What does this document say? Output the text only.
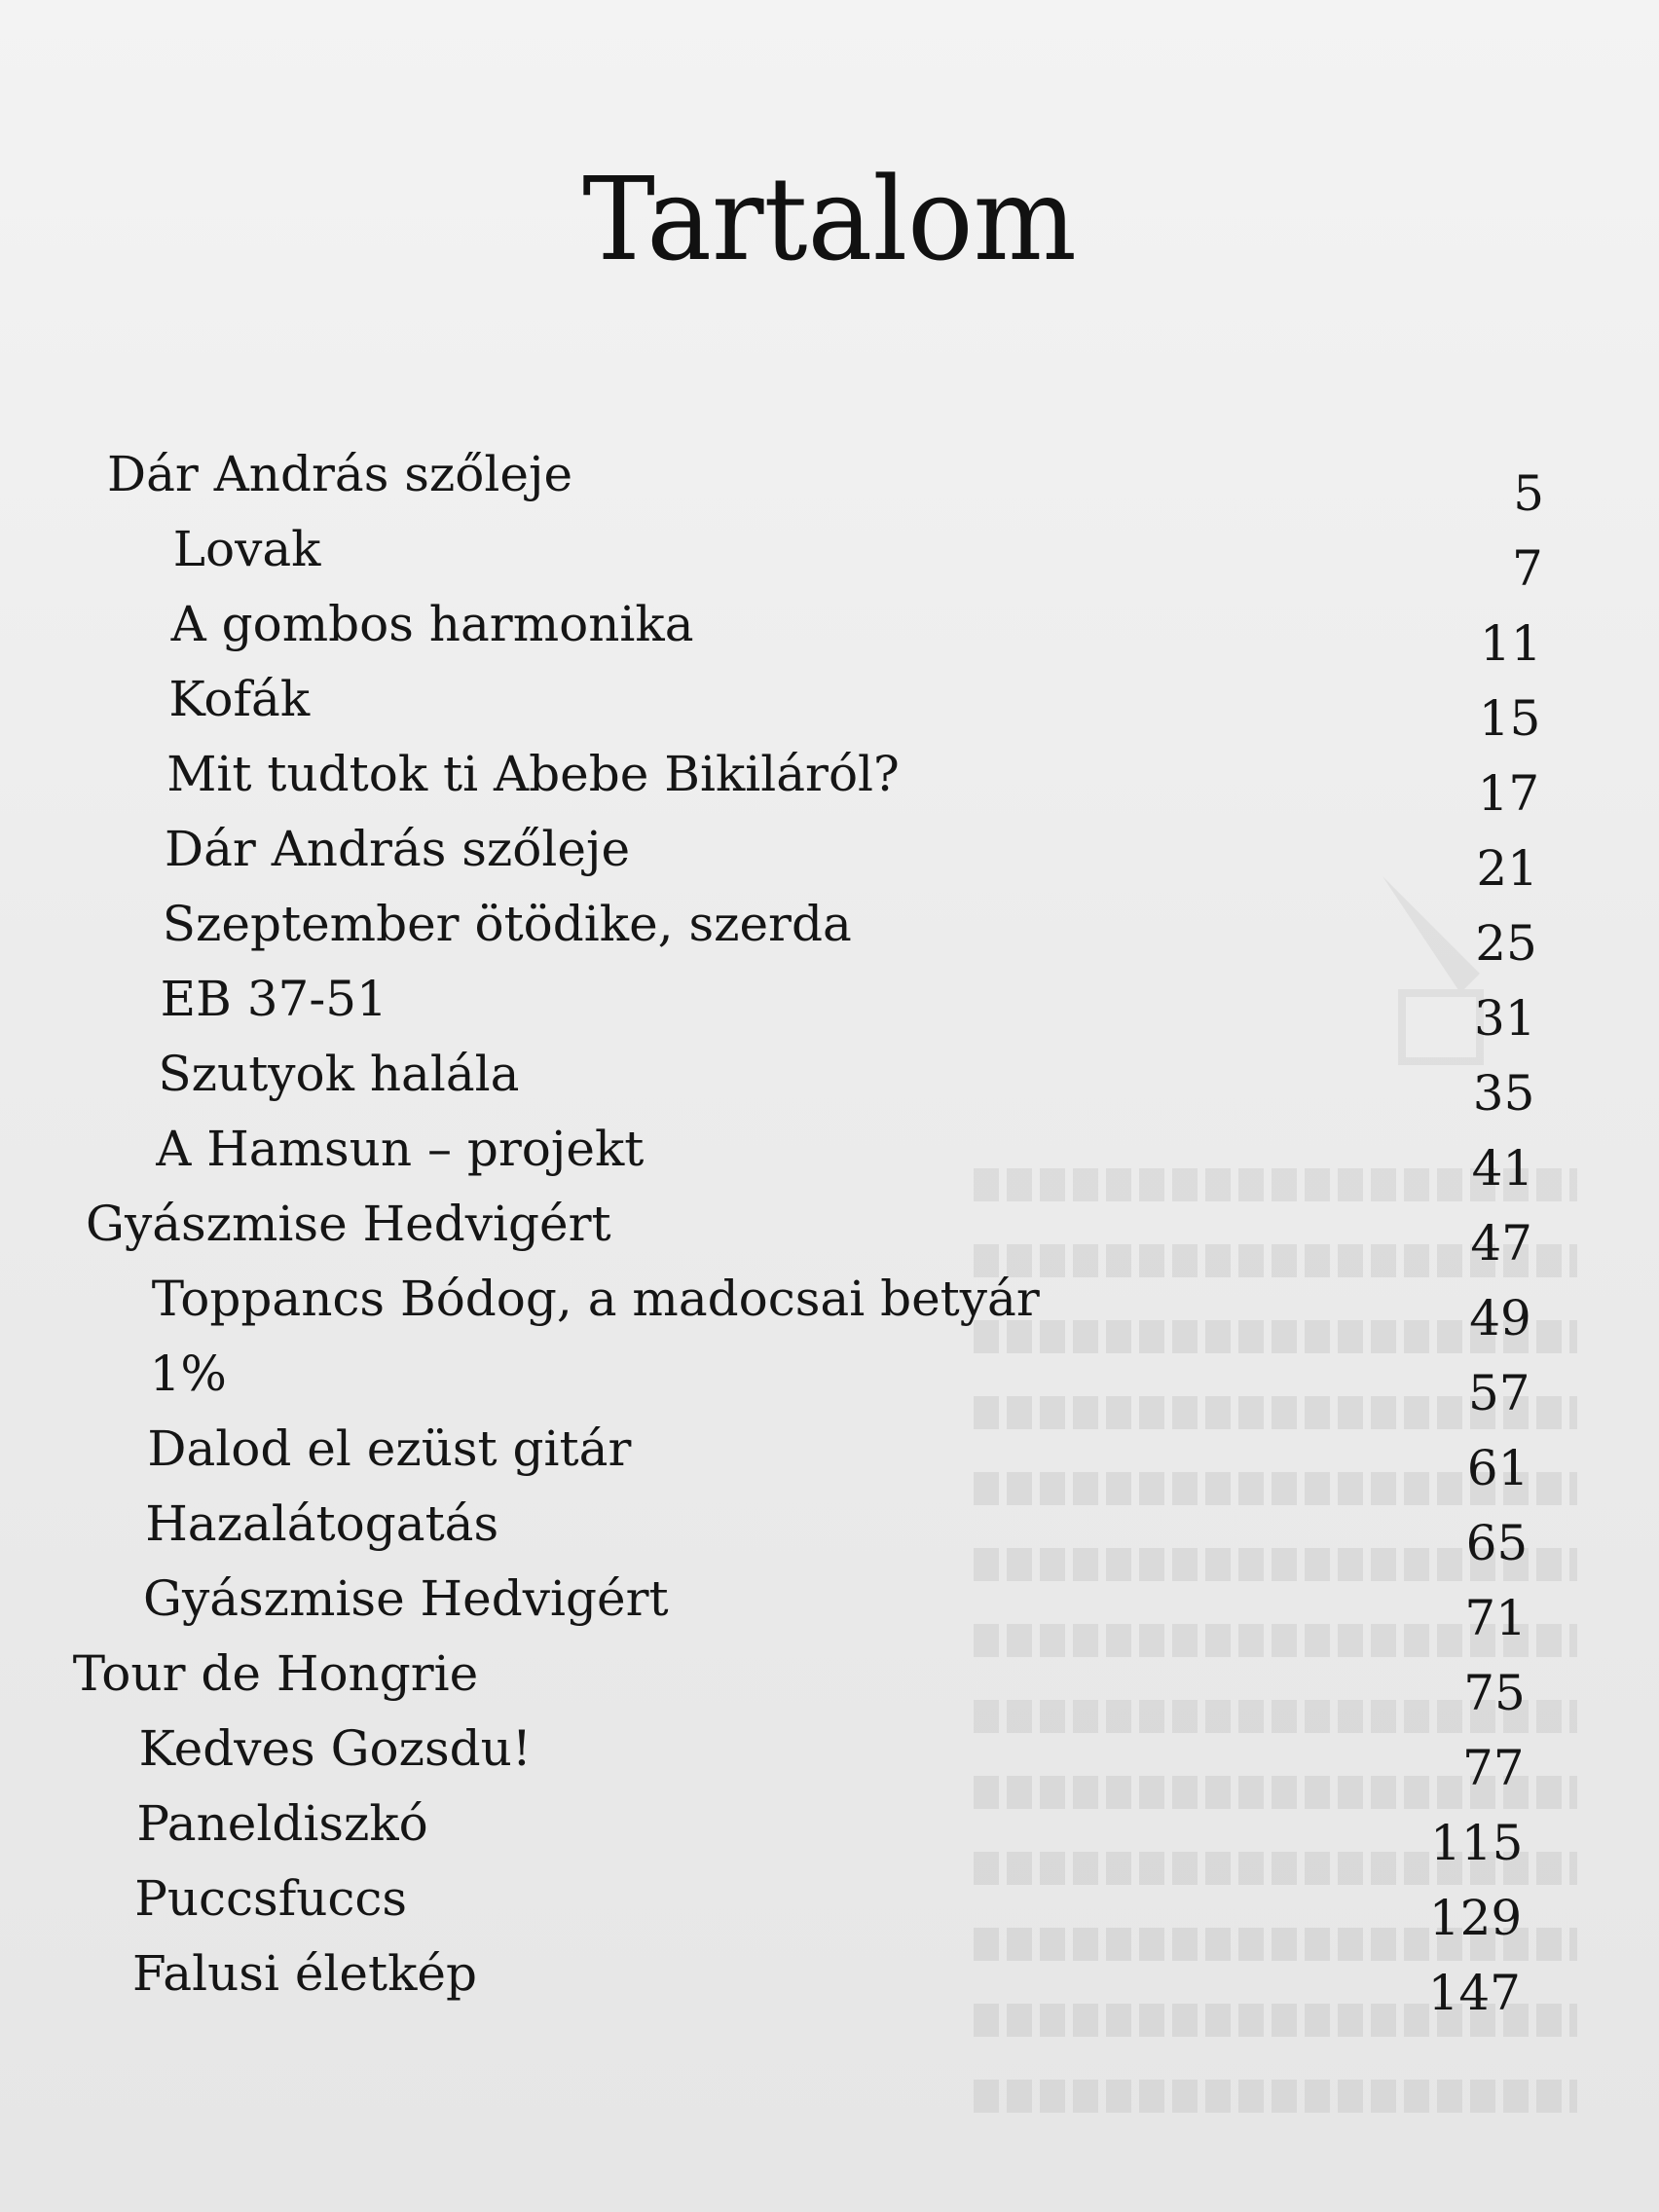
Tartalom
Dár András szőleje	5
Lovak	7
A gombos harmonika	11
Kofák	15
Mit tudtok ti Abebe Bikiláról?	17
Dár András szőleje	21
Szeptember ötödike, szerda	25
EB 37-51	31
Szutyok halála	35
A Hamsun – projekt	41
Gyászmise Hedvigért	47
Toppancs Bódog, a madocsai betyár	49
1%	57
Dalod el ezüst gitár	61
Hazalátogatás	65
Gyászmise Hedvigért	71
Tour de Hongrie	75
Kedves Gozsdu!	77
Paneldiszkó	115
Puccsfuccs	129
Falusi életkép	147
